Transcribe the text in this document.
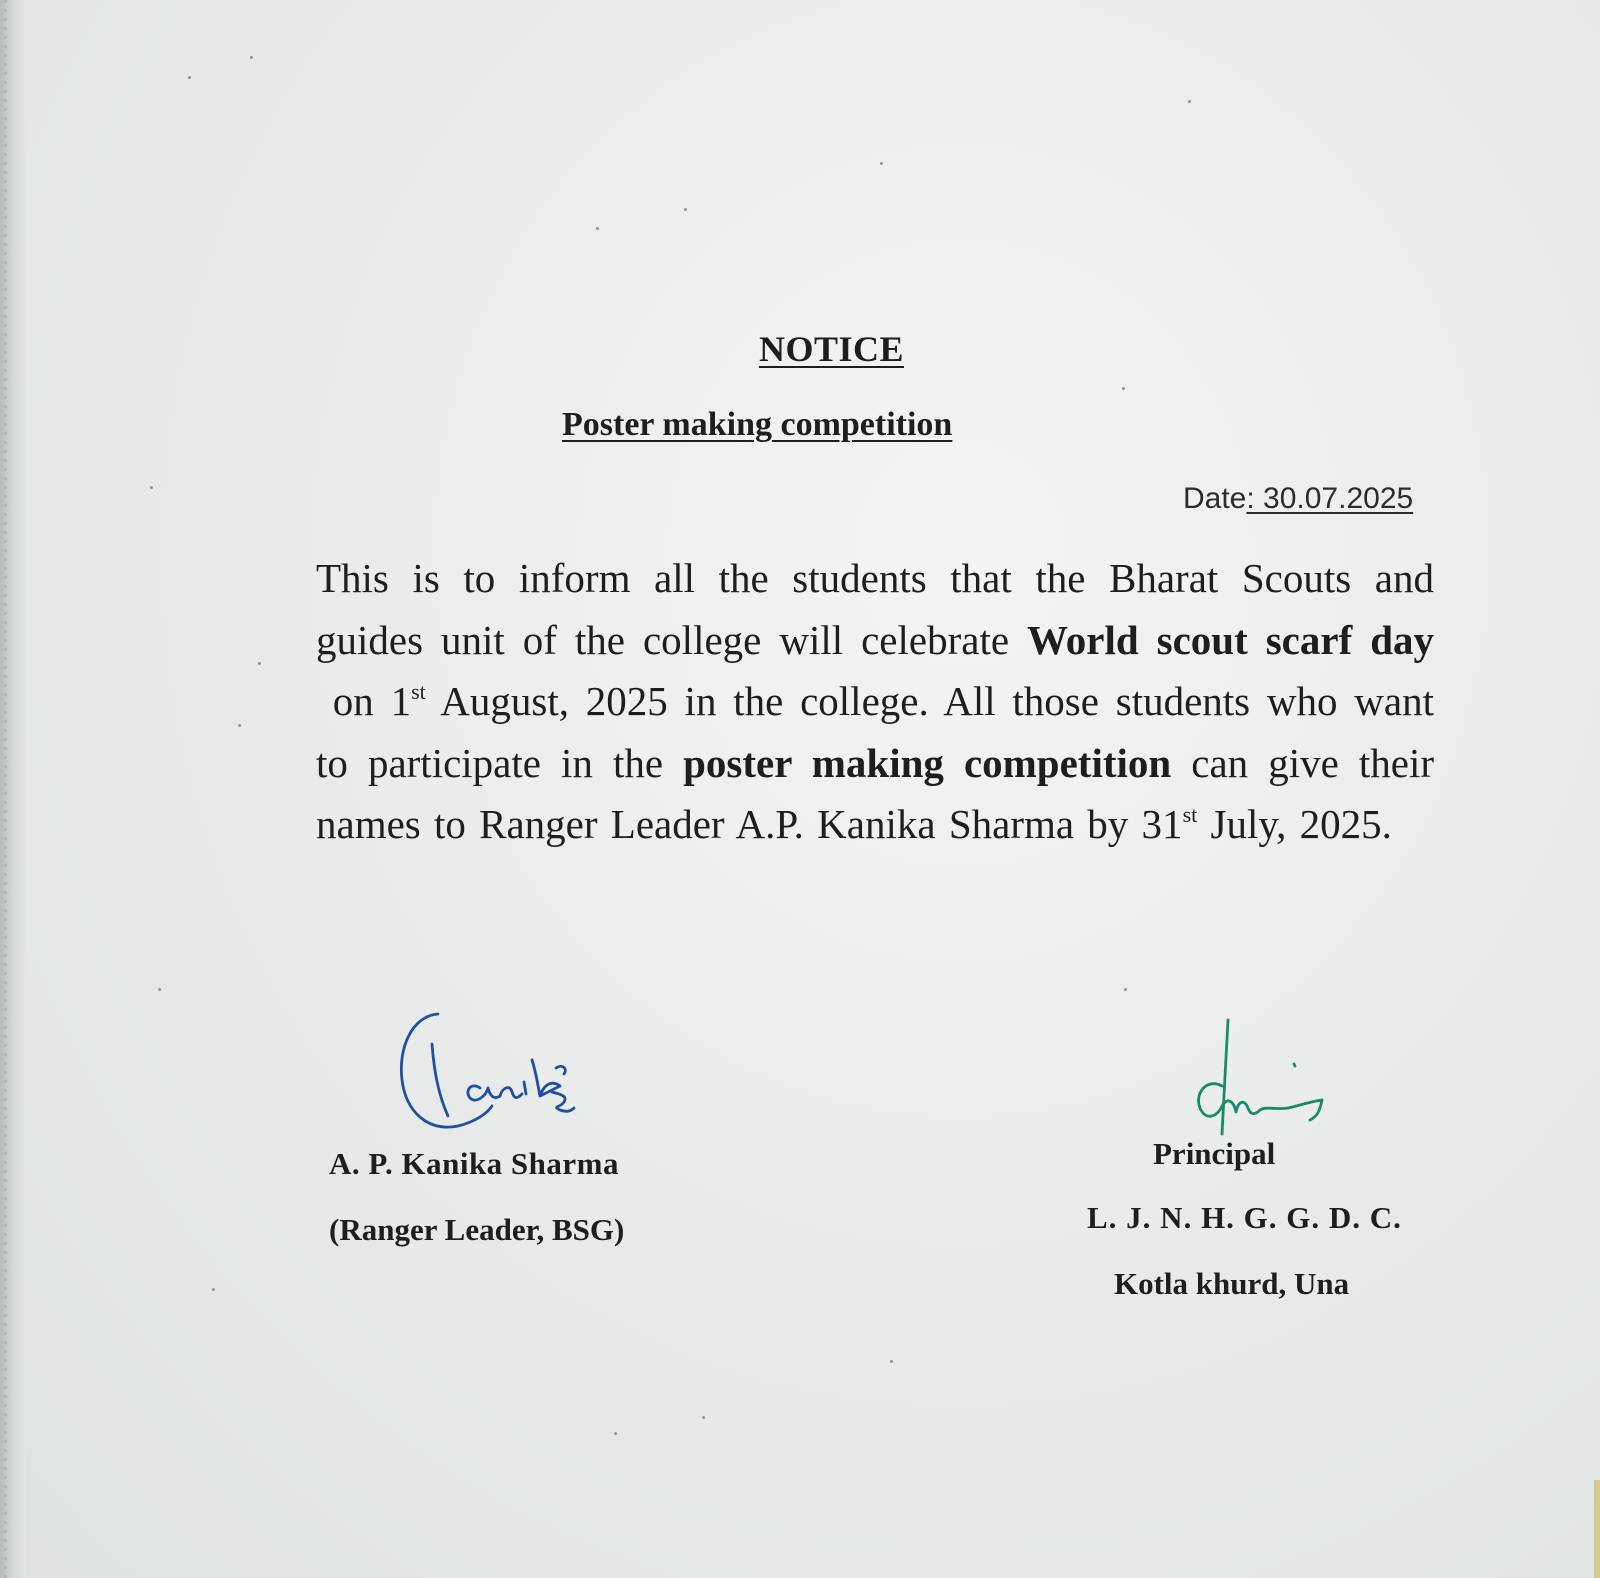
NOTICE
Poster making competition
Date: 30.07.2025
This is to inform all the students that the Bharat Scouts and guides unit of the college will celebrate World scout scarf day  on 1st August, 2025 in the college. All those students who want to participate in the poster making competition can give their names to Ranger Leader A.P. Kanika Sharma by 31st July, 2025.
A. P. Kanika Sharma
(Ranger Leader, BSG)
Principal
L. J. N. H. G. G. D. C.
Kotla khurd, Una
